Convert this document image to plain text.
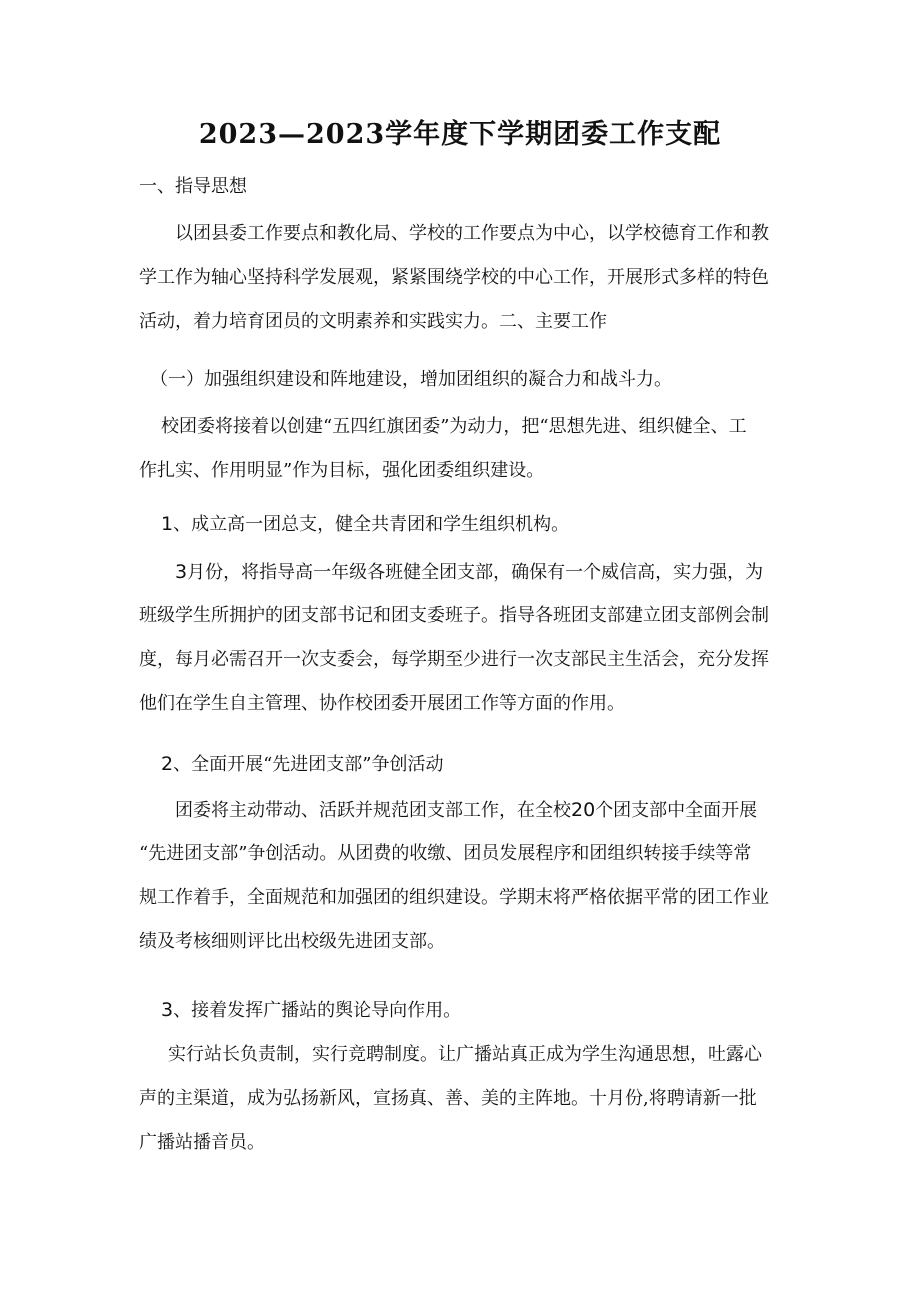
2023—2023学年度下学期团委工作支配
一、指导思想
以团县委工作要点和教化局、学校的工作要点为中心，以学校德育工作和教
学工作为轴心坚持科学发展观，紧紧围绕学校的中心工作，开展形式多样的特色
活动，着力培育团员的文明素养和实践实力。二、主要工作
（一）加强组织建设和阵地建设，增加团组织的凝合力和战斗力。
校团委将接着以创建“五四红旗团委”为动力，把“思想先进、组织健全、工
作扎实、作用明显”作为目标，强化团委组织建设。
1、成立高一团总支，健全共青团和学生组织机构。
3月份，将指导高一年级各班健全团支部，确保有一个威信高，实力强，为
班级学生所拥护的团支部书记和团支委班子。指导各班团支部建立团支部例会制
度，每月必需召开一次支委会，每学期至少进行一次支部民主生活会，充分发挥
他们在学生自主管理、协作校团委开展团工作等方面的作用。
2、全面开展“先进团支部”争创活动
团委将主动带动、活跃并规范团支部工作，在全校20个团支部中全面开展
“先进团支部”争创活动。从团费的收缴、团员发展程序和团组织转接手续等常
规工作着手，全面规范和加强团的组织建设。学期末将严格依据平常的团工作业
绩及考核细则评比出校级先进团支部。
3、接着发挥广播站的舆论导向作用。
实行站长负责制，实行竞聘制度。让广播站真正成为学生沟通思想，吐露心
声的主渠道，成为弘扬新风，宣扬真、善、美的主阵地。十月份,将聘请新一批
广播站播音员。
